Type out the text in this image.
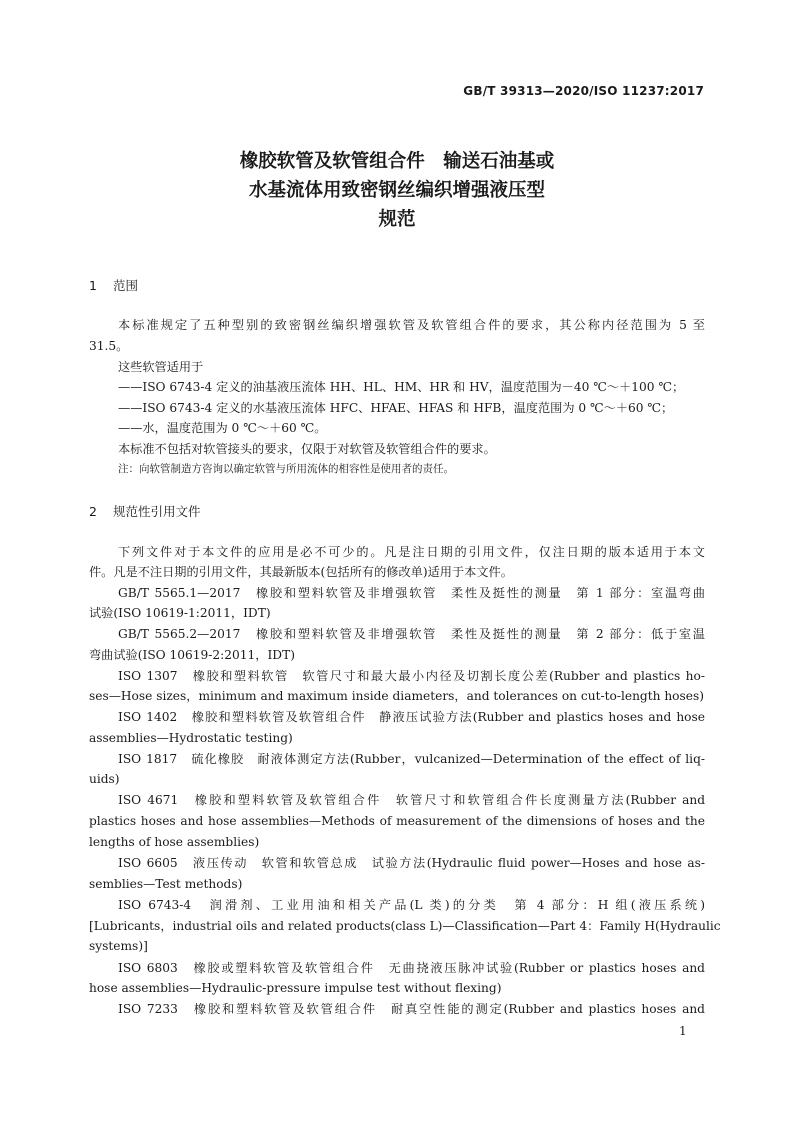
GB/T 39313—2020/ISO 11237:2017
橡胶软管及软管组合件　输送石油基或
水基流体用致密钢丝编织增强液压型
规范
1 范围
本标准规定了五种型别的致密钢丝编织增强软管及软管组合件的要求，其公称内径范围为 5 至
31.5。
这些软管适用于
——ISO 6743-4 定义的油基液压流体 HH、HL、HM、HR 和 HV，温度范围为－40 ℃～＋100 ℃；
——ISO 6743-4 定义的水基液压流体 HFC、HFAE、HFAS 和 HFB，温度范围为 0 ℃～＋60 ℃；
——水，温度范围为 0 ℃～＋60 ℃。
本标准不包括对软管接头的要求，仅限于对软管及软管组合件的要求。
注：向软管制造方咨询以确定软管与所用流体的相容性是使用者的责任。
2 规范性引用文件
下列文件对于本文件的应用是必不可少的。凡是注日期的引用文件，仅注日期的版本适用于本文
件。凡是不注日期的引用文件，其最新版本(包括所有的修改单)适用于本文件。
GB/T 5565.1—2017　橡胶和塑料软管及非增强软管　柔性及挺性的测量　第 1 部分：室温弯曲
试验(ISO 10619-1:2011，IDT)
GB/T 5565.2—2017　橡胶和塑料软管及非增强软管　柔性及挺性的测量　第 2 部分：低于室温
弯曲试验(ISO 10619-2:2011，IDT)
ISO 1307　橡胶和塑料软管　软管尺寸和最大最小内径及切割长度公差(Rubber and plastics ho-
ses—Hose sizes，minimum and maximum inside diameters，and tolerances on cut-to-length hoses)
ISO 1402　橡胶和塑料软管及软管组合件　静液压试验方法(Rubber and plastics hoses and hose
assemblies—Hydrostatic testing)
ISO 1817　硫化橡胶　耐液体测定方法(Rubber，vulcanized—Determination of the effect of liq-
uids)
ISO 4671　橡胶和塑料软管及软管组合件　软管尺寸和软管组合件长度测量方法(Rubber and
plastics hoses and hose assemblies—Methods of measurement of the dimensions of hoses and the
lengths of hose assemblies)
ISO 6605　液压传动　软管和软管总成　试验方法(Hydraulic fluid power—Hoses and hose as-
semblies—Test methods)
ISO 6743-4　润滑剂、工业用油和相关产品(L 类)的分类　第 4 部分：H 组(液压系统)
[Lubricants，industrial oils and related products(class L)—Classification—Part 4：Family H(Hydraulic
systems)]
ISO 6803　橡胶或塑料软管及软管组合件　无曲挠液压脉冲试验(Rubber or plastics hoses and
hose assemblies—Hydraulic-pressure impulse test without flexing)
ISO 7233　橡胶和塑料软管及软管组合件　耐真空性能的测定(Rubber and plastics hoses and
1
